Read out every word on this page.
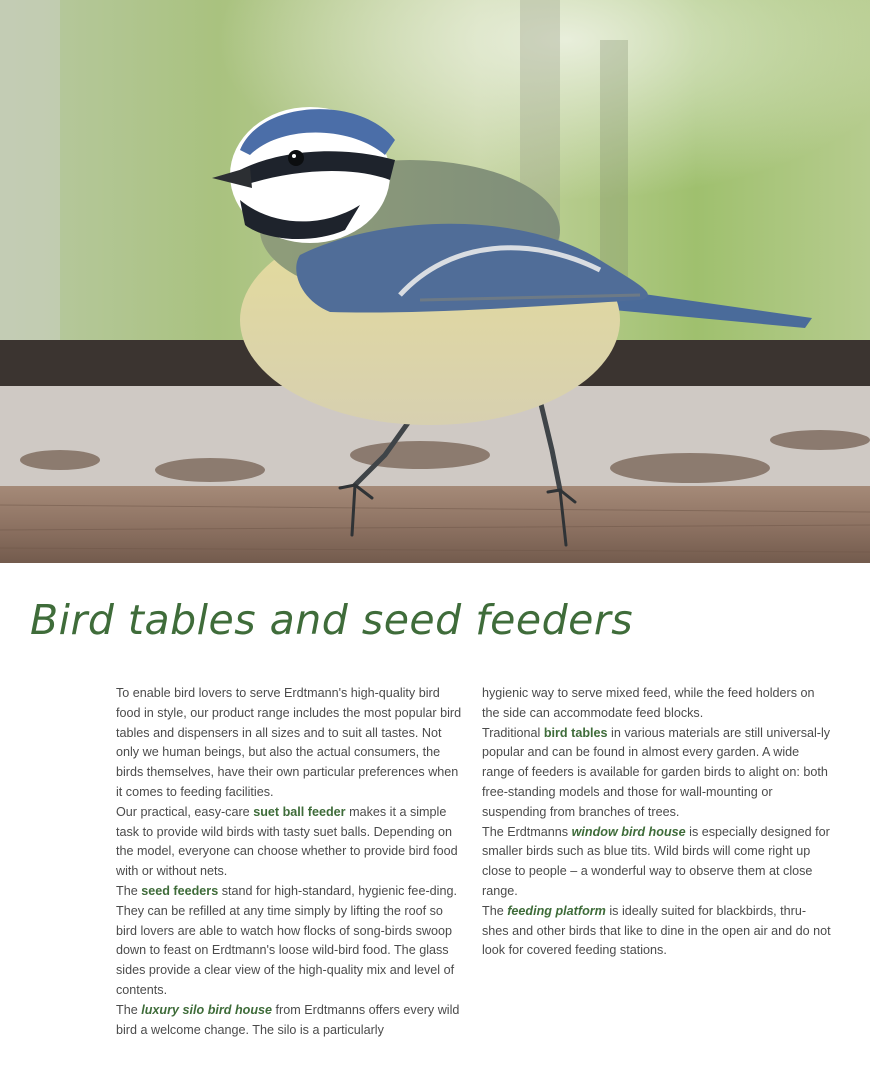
Bird tables and seed feeders

To enable bird lovers to serve Erdtmann's high-quality bird food in style, our product range includes the most popular bird tables and dispensers in all sizes and to suit all tastes. Not only we human beings, but also the actual consumers, the birds themselves, have their own particular preferences when it comes to feeding facilities.

Our practical, easy-care suet ball feeder makes it a simple task to provide wild birds with tasty suet balls. Depending on the model, everyone can choose whether to provide bird food with or without nets.

The seed feeders stand for high-standard, hygienic fee-ding. They can be refilled at any time simply by lifting the roof so bird lovers are able to watch how flocks of song-birds swoop down to feast on Erdtmann's loose wild-bird food. The glass sides provide a clear view of the high-quality mix and level of contents.

The luxury silo bird house from Erdtmanns offers every wild bird a welcome change. The silo is a particularly

hygienic way to serve mixed feed, while the feed holders on the side can accommodate feed blocks.

Traditional bird tables in various materials are still universal-ly popular and can be found in almost every garden. A wide range of feeders is available for garden birds to alight on: both free-standing models and those for wall-mounting or suspending from branches of trees.

The Erdtmanns window bird house is especially designed for smaller birds such as blue tits. Wild birds will come right up close to people – a wonderful way to observe them at close range.

The feeding platform is ideally suited for blackbirds, thru-shes and other birds that like to dine in the open air and do not look for covered feeding stations.
